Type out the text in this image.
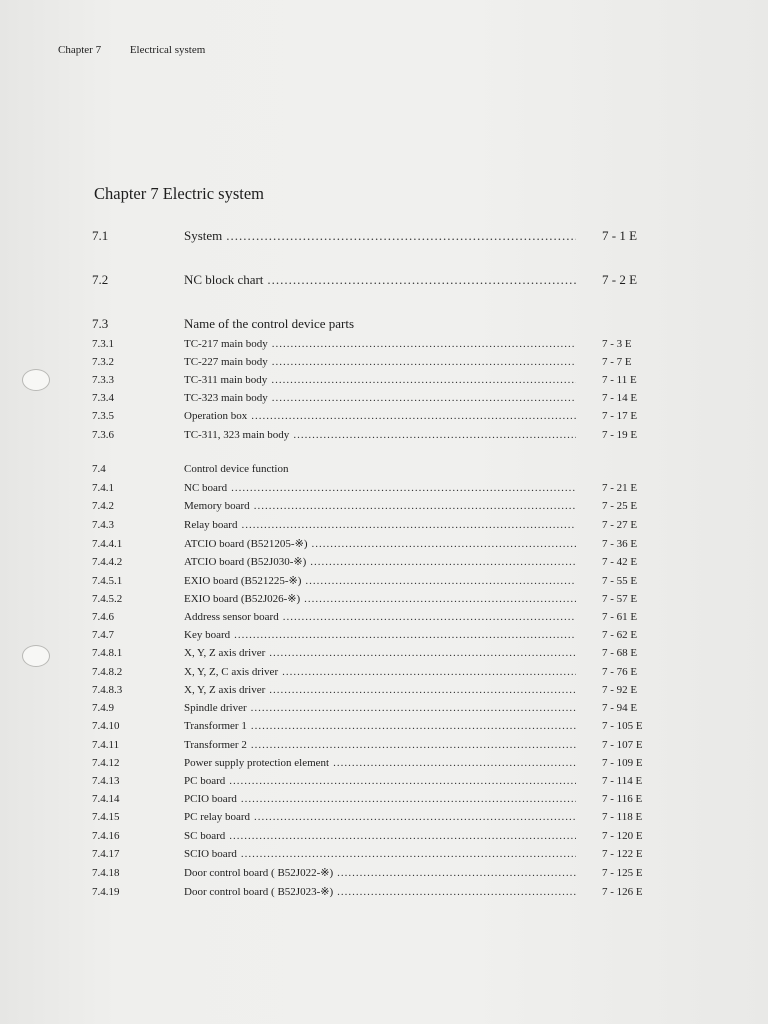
Chapter 7	Electrical system
Chapter 7 Electric system
7.1	System .....	7 - 1 E
7.2	NC block chart .....	7 - 2 E
7.3	Name of the control device parts
7.3.1	TC-217 main body .....	7 - 3 E
7.3.2	TC-227 main body .....	7 - 7 E
7.3.3	TC-311 main body .....	7 - 11 E
7.3.4	TC-323 main body .....	7 - 14 E
7.3.5	Operation box .....	7 - 17 E
7.3.6	TC-311, 323 main body .....	7 - 19 E
7.4	Control device function
7.4.1	NC board .....	7 - 21 E
7.4.2	Memory board .....	7 - 25 E
7.4.3	Relay board .....	7 - 27 E
7.4.4.1	ATCIO board (B521205-※) .....	7 - 36 E
7.4.4.2	ATCIO board (B52J030-※) .....	7 - 42 E
7.4.5.1	EXIO board (B521225-※) .....	7 - 55 E
7.4.5.2	EXIO board (B52J026-※) .....	7 - 57 E
7.4.6	Address sensor board .....	7 - 61 E
7.4.7	Key board .....	7 - 62 E
7.4.8.1	X, Y, Z axis driver .....	7 - 68 E
7.4.8.2	X, Y, Z, C axis driver .....	7 - 76 E
7.4.8.3	X, Y, Z axis driver .....	7 - 92 E
7.4.9	Spindle driver .....	7 - 94 E
7.4.10	Transformer 1 .....	7 - 105 E
7.4.11	Transformer 2 .....	7 - 107 E
7.4.12	Power supply protection element .....	7 - 109 E
7.4.13	PC board .....	7 - 114 E
7.4.14	PCIO board .....	7 - 116 E
7.4.15	PC relay board .....	7 - 118 E
7.4.16	SC board .....	7 - 120 E
7.4.17	SCIO board .....	7 - 122 E
7.4.18	Door control board ( B52J022-※) .....	7 - 125 E
7.4.19	Door control board ( B52J023-※) .....	7 - 126 E
